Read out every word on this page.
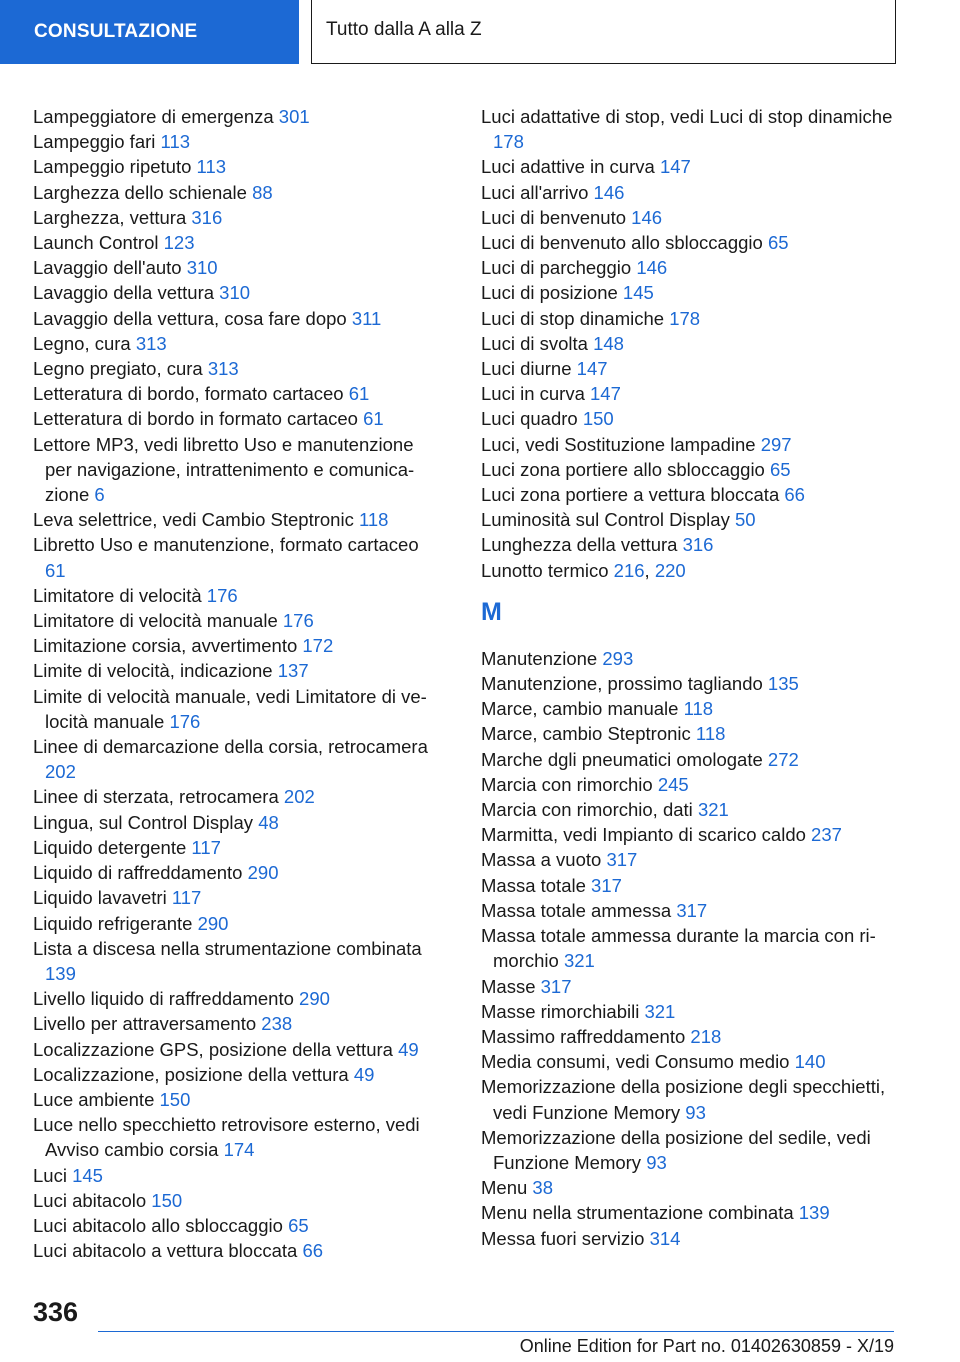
CONSULTAZIONE	Tutto dalla A alla Z
Lampeggiatore di emergenza 301
Lampeggio fari 113
Lampeggio ripetuto 113
Larghezza dello schienale 88
Larghezza, vettura 316
Launch Control 123
Lavaggio dell'auto 310
Lavaggio della vettura 310
Lavaggio della vettura, cosa fare dopo 311
Legno, cura 313
Legno pregiato, cura 313
Letteratura di bordo, formato cartaceo 61
Letteratura di bordo in formato cartaceo 61
Lettore MP3, vedi libretto Uso e manutenzione per navigazione, intrattenimento e comunicazione 6
Leva selettrice, vedi Cambio Steptronic 118
Libretto Uso e manutenzione, formato cartaceo 61
Limitatore di velocità 176
Limitatore di velocità manuale 176
Limitazione corsia, avvertimento 172
Limite di velocità, indicazione 137
Limite di velocità manuale, vedi Limitatore di velocità manuale 176
Linee di demarcazione della corsia, retrocamera 202
Linee di sterzata, retrocamera 202
Lingua, sul Control Display 48
Liquido detergente 117
Liquido di raffreddamento 290
Liquido lavavetri 117
Liquido refrigerante 290
Lista a discesa nella strumentazione combinata 139
Livello liquido di raffreddamento 290
Livello per attraversamento 238
Localizzazione GPS, posizione della vettura 49
Localizzazione, posizione della vettura 49
Luce ambiente 150
Luce nello specchietto retrovisore esterno, vedi Avviso cambio corsia 174
Luci 145
Luci abitacolo 150
Luci abitacolo allo sbloccaggio 65
Luci abitacolo a vettura bloccata 66
Luci adattative di stop, vedi Luci di stop dinamiche 178
Luci adattive in curva 147
Luci all'arrivo 146
Luci di benvenuto 146
Luci di benvenuto allo sbloccaggio 65
Luci di parcheggio 146
Luci di posizione 145
Luci di stop dinamiche 178
Luci di svolta 148
Luci diurne 147
Luci in curva 147
Luci quadro 150
Luci, vedi Sostituzione lampadine 297
Luci zona portiere allo sbloccaggio 65
Luci zona portiere a vettura bloccata 66
Luminosità sul Control Display 50
Lunghezza della vettura 316
Lunotto termico 216, 220
M
Manutenzione 293
Manutenzione, prossimo tagliando 135
Marce, cambio manuale 118
Marce, cambio Steptronic 118
Marche dgli pneumatici omologate 272
Marcia con rimorchio 245
Marcia con rimorchio, dati 321
Marmitta, vedi Impianto di scarico caldo 237
Massa a vuoto 317
Massa totale 317
Massa totale ammessa 317
Massa totale ammessa durante la marcia con rimorchio 321
Masse 317
Masse rimorchiabili 321
Massimo raffreddamento 218
Media consumi, vedi Consumo medio 140
Memorizzazione della posizione degli specchietti, vedi Funzione Memory 93
Memorizzazione della posizione del sedile, vedi Funzione Memory 93
Menu 38
Menu nella strumentazione combinata 139
Messa fuori servizio 314
336
Online Edition for Part no. 01402630859 - X/19
